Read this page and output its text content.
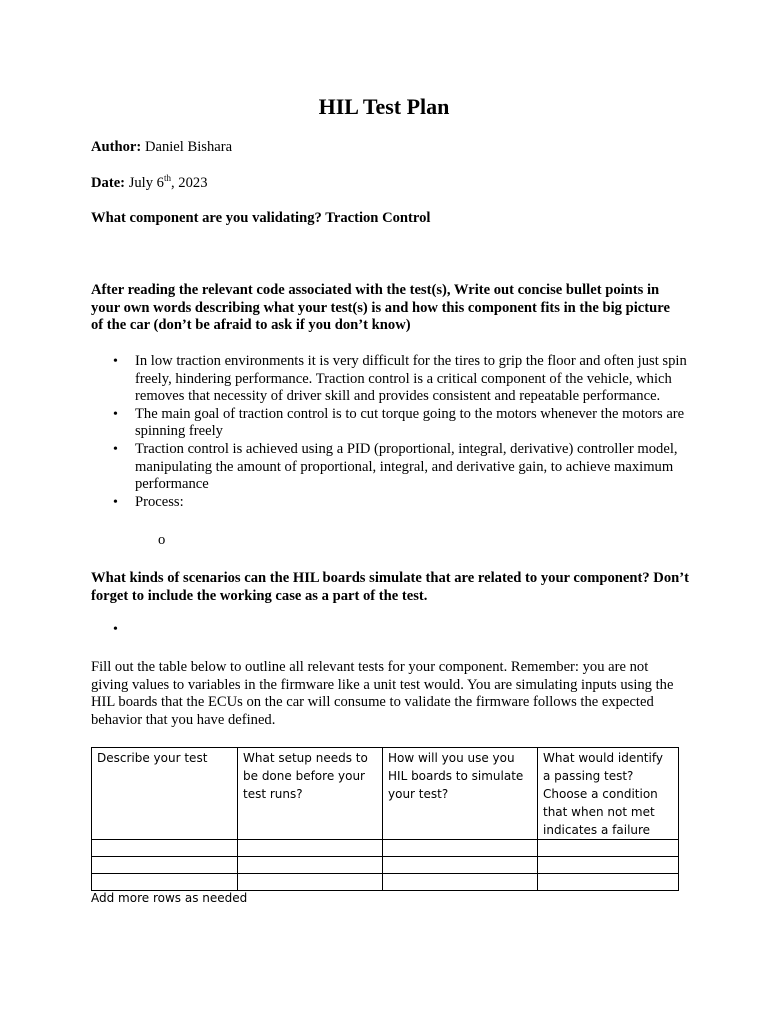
HIL Test Plan
Author: Daniel Bishara
Date: July 6th, 2023
What component are you validating? Traction Control
After reading the relevant code associated with the test(s), Write out concise bullet points in your own words describing what your test(s) is and how this component fits in the big picture of the car (don’t be afraid to ask if you don’t know)
• In low traction environments it is very difficult for the tires to grip the floor and often just spin freely, hindering performance. Traction control is a critical component of the vehicle, which removes that necessity of driver skill and provides consistent and repeatable performance.
• The main goal of traction control is to cut torque going to the motors whenever the motors are spinning freely
• Traction control is achieved using a PID (proportional, integral, derivative) controller model, manipulating the amount of proportional, integral, and derivative gain, to achieve maximum performance
• Process:
o
What kinds of scenarios can the HIL boards simulate that are related to your component? Don’t forget to include the working case as a part of the test.
•
Fill out the table below to outline all relevant tests for your component. Remember: you are not giving values to variables in the firmware like a unit test would. You are simulating inputs using the HIL boards that the ECUs on the car will consume to validate the firmware follows the expected behavior that you have defined.
Describe your test	What setup needs to be done before your test runs?	How will you use you HIL boards to simulate your test?	What would identify a passing test? Choose a condition that when not met indicates a failure

Add more rows as needed
